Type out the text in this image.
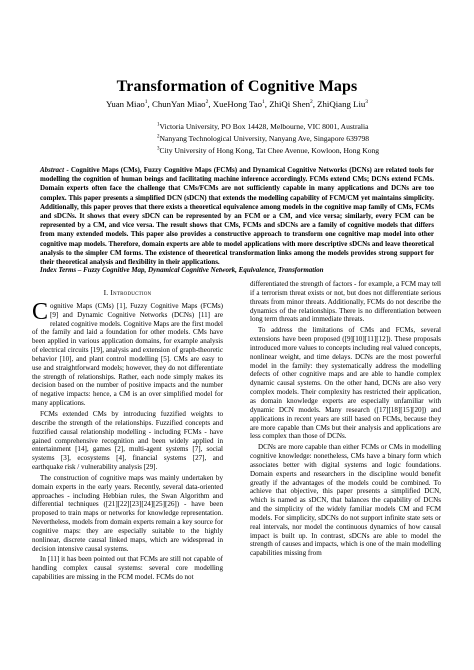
Transformation of Cognitive Maps
Yuan Miao$^1$, ChunYan Miao$^2$, XueHong Tao$^1$, ZhiQi Shen$^2$, ZhiQiang Liu$^3$
$^1$Victoria University, PO Box 14428, Melbourne, VIC 8001, Australia
$^2$Nanyang Technological University, Nanyang Ave, Singapore 639798
$^3$City University of Hong Kong, Tat Chee Avenue, Kowloon, Hong Kong
Abstract - Cognitive Maps (CMs), Fuzzy Cognitive Maps (FCMs) and Dynamical Cognitive Networks (DCNs) are related tools for modelling the cognition of human beings and facilitating machine inference accordingly. FCMs extend CMs; DCNs extend FCMs. Domain experts often face the challenge that CMs/FCMs are not sufficiently capable in many applications and DCNs are too complex. This paper presents a simplified DCN (sDCN) that extends the modelling capability of FCM/CM yet maintains simplicity. Additionally, this paper proves that there exists a theoretical equivalence among models in the cognitive map family of CMs, FCMs and sDCNs. It shows that every sDCN can be represented by an FCM or a CM, and vice versa; similarly, every FCM can be represented by a CM, and vice versa. The result shows that CMs, FCMs and sDCNs are a family of cognitive models that differs from many extended models. This paper also provides a constructive approach to transform one cognitive map model into other cognitive map models. Therefore, domain experts are able to model applications with more descriptive sDCNs and leave theoretical analysis to the simpler CM forms. The existence of theoretical transformation links among the models provides strong support for their theoretical analysis and flexibility in their applications.
Index Terms – Fuzzy Cognitive Map, Dynamical Cognitive Network, Equivalence, Transformation
I. Introduction

Cognitive Maps (CMs) [1], Fuzzy Cognitive Maps (FCMs) [9] and Dynamic Cognitive Networks (DCNs) [11] are related cognitive models. Cognitive Maps are the first model of the family and laid a foundation for other models. CMs have been applied in various application domains, for example analysis of electrical circuits [19], analysis and extension of graph-theoretic behavior [10], and plant control modelling [5]. CMs are easy to use and straightforward models; however, they do not differentiate the strength of relationships. Rather, each node simply makes its decision based on the number of positive impacts and the number of negative impacts: hence, a CM is an over simplified model for many applications.

FCMs extended CMs by introducing fuzzified weights to describe the strength of the relationships. Fuzzified concepts and fuzzified causal relationship modelling - including FCMs - have gained comprehensive recognition and been widely applied in entertainment [14], games [2], multi-agent systems [7], social systems [3], ecosystems [4], financial systems [27], and earthquake risk / vulnerability analysis [29].

The construction of cognitive maps was mainly undertaken by domain experts in the early years. Recently, several data-oriented approaches - including Hebbian rules, the Swan Algorithm and differential techniques ([21][22][23][24][25][26]) - have been proposed to train maps or networks for knowledge representation. Nevertheless, models from domain experts remain a key source for cognitive maps: they are especially suitable to the highly nonlinear, discrete causal linked maps, which are widespread in decision intensive causal systems.

In [11] it has been pointed out that FCMs are still not capable of handling complex causal systems: several core modelling capabilities are missing in the FCM model. FCMs do not

differentiated the strength of factors - for example, a FCM may tell if a terrorism threat exists or not, but does not differentiate serious threats from minor threats. Additionally, FCMs do not describe the dynamics of the relationships. There is no differentiation between long term threats and immediate threats.

To address the limitations of CMs and FCMs, several extensions have been proposed ([9][10][11][12]). These proposals introduced more values to concepts including real valued concepts, nonlinear weight, and time delays. DCNs are the most powerful model in the family: they systematically address the modelling defects of other cognitive maps and are able to handle complex dynamic causal systems. On the other hand, DCNs are also very complex models. Their complexity has restricted their application, as domain knowledge experts are especially unfamiliar with dynamic DCN models. Many research ([17][18][15][20]) and applications in recent years are still based on FCMs, because they are more capable than CMs but their analysis and applications are less complex than those of DCNs.

DCNs are more capable than either FCMs or CMs in modelling cognitive knowledge: nonetheless, CMs have a binary form which associates better with digital systems and logic foundations. Domain experts and researchers in the discipline would benefit greatly if the advantages of the models could be combined. To achieve that objective, this paper presents a simplified DCN, which is named as sDCN, that balances the capability of DCNs and the simplicity of the widely familiar models CM and FCM models. For simplicity, sDCNs do not support infinite state sets or real intervals, nor model the continuous dynamics of how causal impact is built up. In contrast, sDCNs are able to model the strength of causes and impacts, which is one of the main modelling capabilities missing from
